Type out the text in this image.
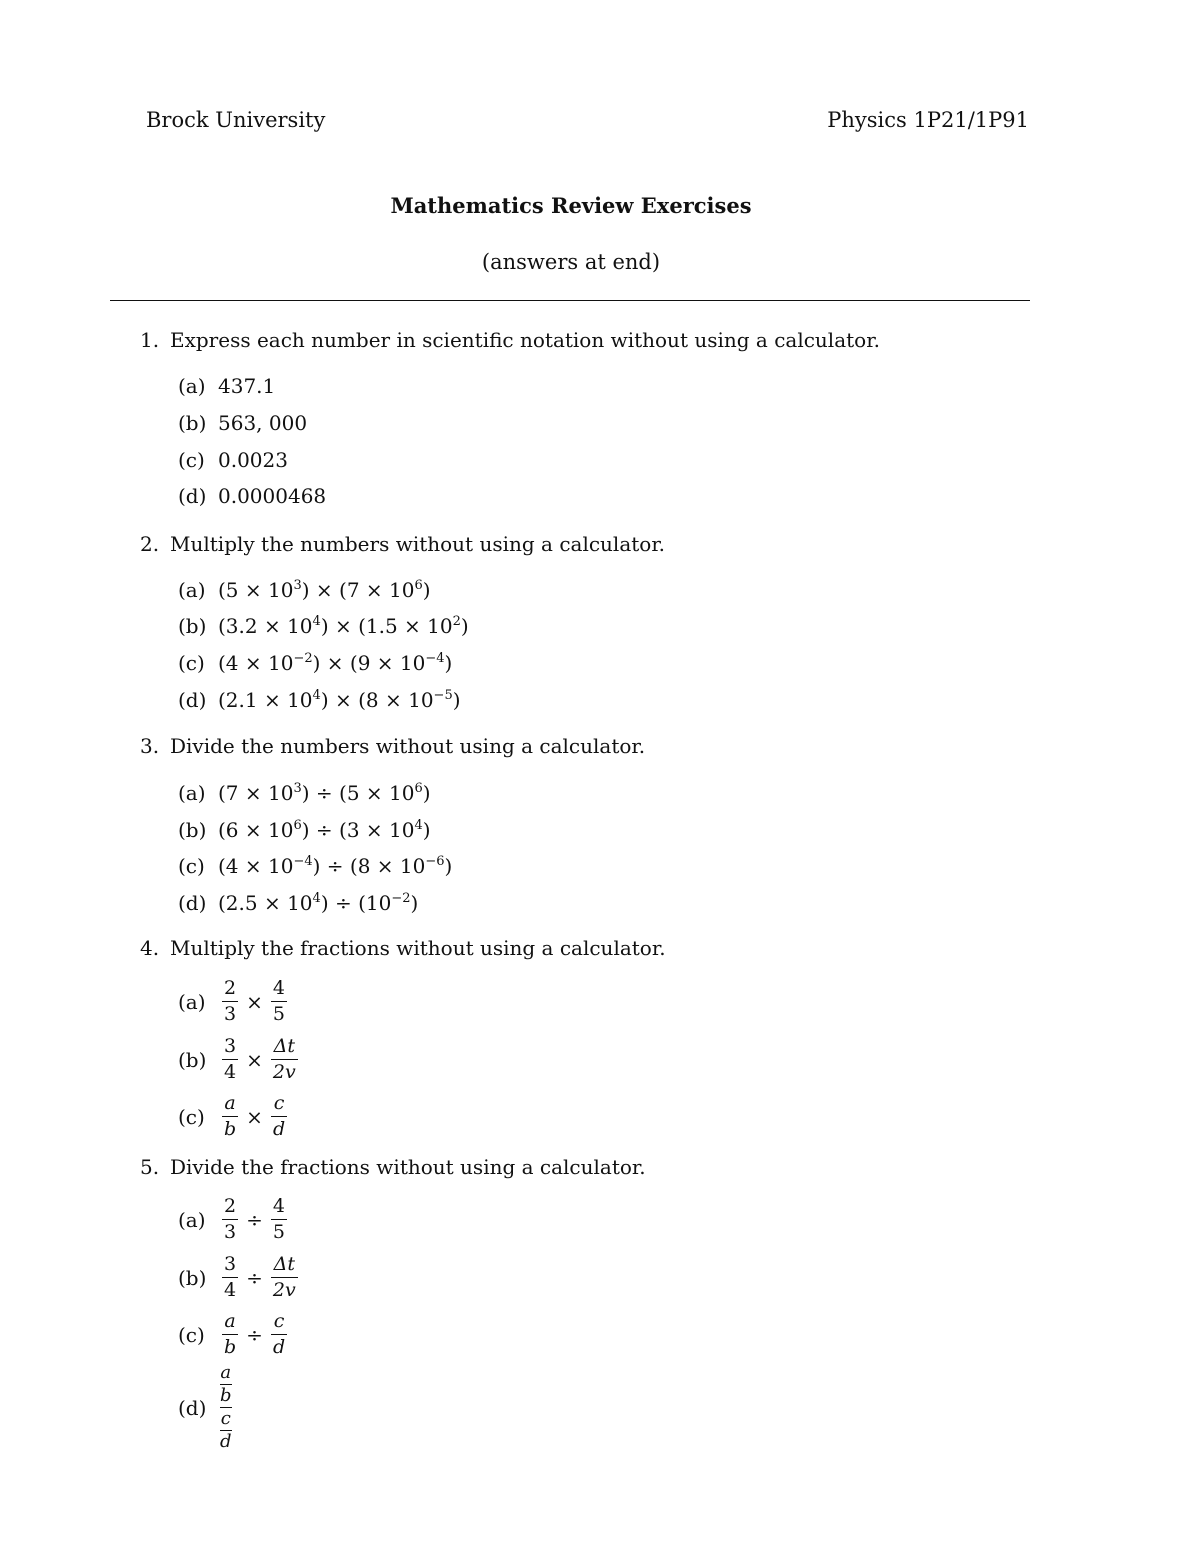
Brock University	Physics 1P21/1P91
Mathematics Review Exercises
(answers at end)
1. Express each number in scientific notation without using a calculator.
(a) 437.1
(b) 563, 000
(c) 0.0023
(d) 0.0000468
2. Multiply the numbers without using a calculator.
(a) $(5 \times 10^3) \times (7 \times 10^6)$
(b) $(3.2 \times 10^4) \times (1.5 \times 10^2)$
(c) $(4 \times 10^{-2}) \times (9 \times 10^{-4})$
(d) $(2.1 \times 10^4) \times (8 \times 10^{-5})$
3. Divide the numbers without using a calculator.
(a) $(7 \times 10^3) \div (5 \times 10^6)$
(b) $(6 \times 10^6) \div (3 \times 10^4)$
(c) $(4 \times 10^{-4}) \div (8 \times 10^{-6})$
(d) $(2.5 \times 10^4) \div (10^{-2})$
4. Multiply the fractions without using a calculator.
$(a) \frac{2}{3} \times \frac{4}{5}$
$(b) \frac{3}{4} \times \frac{\Delta t}{2v}$
$(c) \frac{a}{b} \times \frac{c}{d}$
5. Divide the fractions without using a calculator.
$(a) \frac{2}{3} \div \frac{4}{5}$
$(b) \frac{3}{4} \div \frac{\Delta t}{2v}$
$(c) \frac{a}{b} \div \frac{c}{d}$
(d)
a
b
c
d
